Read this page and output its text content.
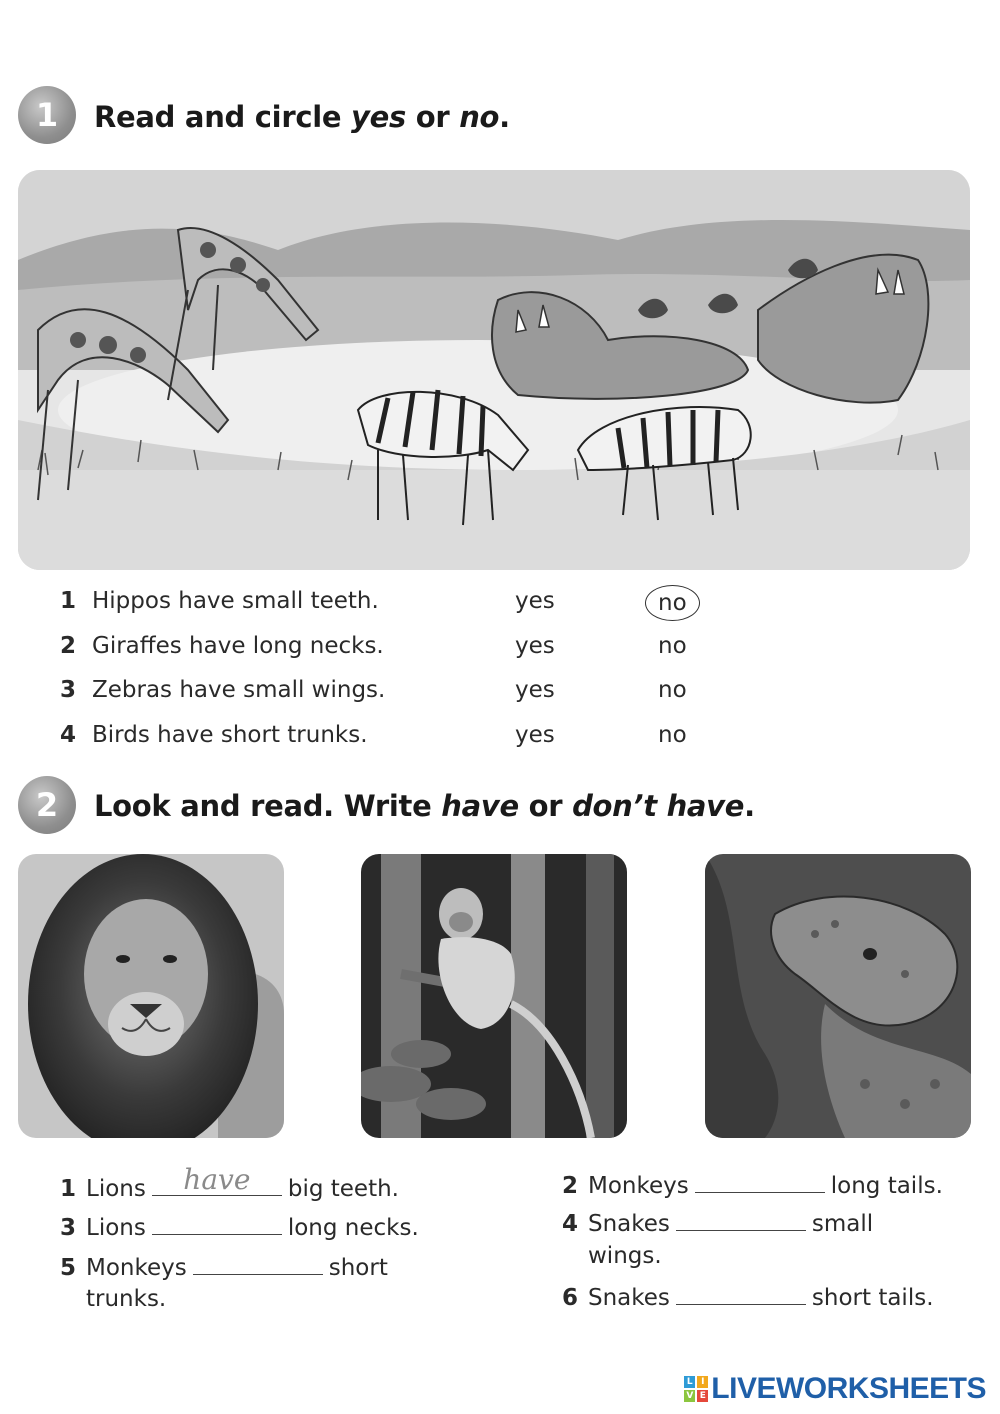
1 Read and circle yes or no.
1 Hippos have small teeth.	yes	no
2 Giraffes have long necks.	yes	no
3 Zebras have small wings.	yes	no
4 Birds have short trunks.	yes	no
2 Look and read. Write have or don’t have.
1 Lions	have	big teeth.
3 Lions	long necks.
5 Monkeys	short
trunks.
2 Monkeys	long tails.
4 Snakes	small
wings.
6 Snakes	short tails.
L I
V E LIVEWORKSHEETS
